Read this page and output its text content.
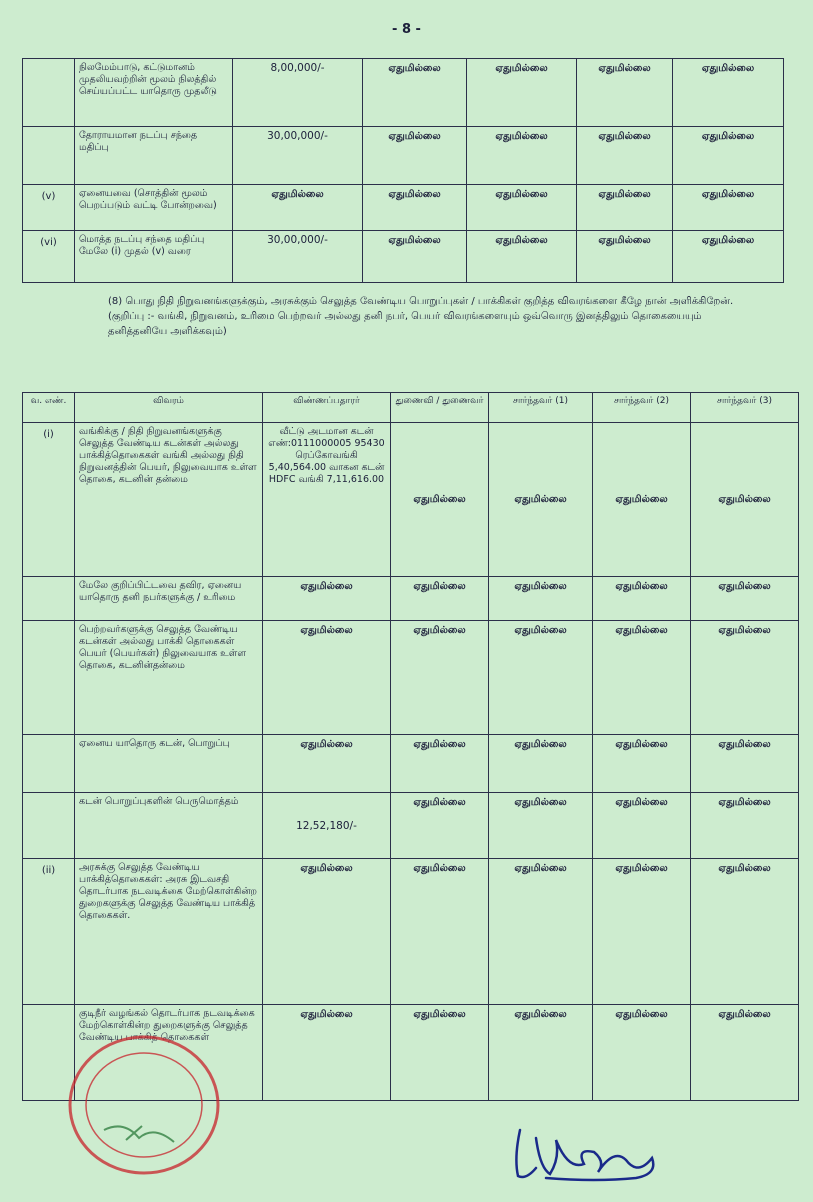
- 8 -
	நிலமேம்பாடு, கட்டுமானம் முதலியவற்றின் மூலம் நிலத்தில் செய்யப்பட்ட யாதொரு முதலீடு	8,00,000/-	ஏதுமில்லை	ஏதுமில்லை	ஏதுமில்லை	ஏதுமில்லை
	தோராயமான நடப்பு சந்தை மதிப்பு	30,00,000/-	ஏதுமில்லை	ஏதுமில்லை	ஏதுமில்லை	ஏதுமில்லை
(v)	ஏனையவை (சொத்தின் மூலம் பெறப்படும் வட்டி போன்றவை)	ஏதுமில்லை	ஏதுமில்லை	ஏதுமில்லை	ஏதுமில்லை	ஏதுமில்லை
(vi)	மொத்த நடப்பு சந்தை மதிப்பு மேலே (i) முதல் (v) வரை	30,00,000/-	ஏதுமில்லை	ஏதுமில்லை	ஏதுமில்லை	ஏதுமில்லை

(8) பொது நிதி நிறுவனங்களுக்கும், அரசுக்கும் செலுத்த வேண்டிய பொறுப்புகள் / பாக்கிகள் குறித்த விவரங்களை கீழே நான் அளிக்கிறேன்.

(குறிப்பு :- வங்கி, நிறுவனம், உரிமை பெற்றவர் அல்லது தனி நபர், பெயர் விவரங்களையும் ஒவ்வொரு இனத்திலும் தொகையையும் தனித்தனியே அளிக்கவும்)

வ. எண்.	விவரம்	விண்ணப்பதாரர்	துணைவி / துணைவர்	சார்ந்தவர் (1)	சார்ந்தவர் (2)	சார்ந்தவர் (3)
(i)	வங்கிக்கு / நிதி நிறுவனங்களுக்கு செலுத்த வேண்டிய கடன்கள் அல்லது பாக்கித்தொகைகள் வங்கி அல்லது நிதி நிறுவனத்தின் பெயர், நிலுவையாக உள்ள தொகை, கடனின் தன்மை	வீட்டு அடமான கடன் எண்:0111000005 95430 ரெப்கோவங்கி 5,40,564.00 வாகன கடன் HDFC வங்கி 7,11,616.00	ஏதுமில்லை	ஏதுமில்லை	ஏதுமில்லை	ஏதுமில்லை
	மேலே குறிப்பிட்டவை தவிர, ஏனைய யாதொரு தனி நபர்களுக்கு / உரிமை	ஏதுமில்லை	ஏதுமில்லை	ஏதுமில்லை	ஏதுமில்லை	ஏதுமில்லை
	பெற்றவர்களுக்கு செலுத்த வேண்டிய கடன்கள் அல்லது பாக்கி தொகைகள் பெயர் (பெயர்கள்) நிலுவையாக உள்ள தொகை, கடனின்தன்மை	ஏதுமில்லை	ஏதுமில்லை	ஏதுமில்லை	ஏதுமில்லை	ஏதுமில்லை
	ஏனைய யாதொரு கடன், பொறுப்பு	ஏதுமில்லை	ஏதுமில்லை	ஏதுமில்லை	ஏதுமில்லை	ஏதுமில்லை
	கடன் பொறுப்புகளின் பெருமொத்தம்	12,52,180/-	ஏதுமில்லை	ஏதுமில்லை	ஏதுமில்லை	ஏதுமில்லை
(ii)	அரசுக்கு செலுத்த வேண்டிய பாக்கித்தொகைகள்: அரசு இடவசதி தொடர்பாக நடவடிக்கை மேற்கொள்கின்ற துறைகளுக்கு செலுத்த வேண்டிய பாக்கித் தொகைகள்.	ஏதுமில்லை	ஏதுமில்லை	ஏதுமில்லை	ஏதுமில்லை	ஏதுமில்லை
	குடிநீர் வழங்கல் தொடர்பாக நடவடிக்கை மேற்கொள்கின்ற துறைகளுக்கு செலுத்த வேண்டிய பாக்கித் தொகைகள்	ஏதுமில்லை	ஏதுமில்லை	ஏதுமில்லை	ஏதுமில்லை	ஏதுமில்லை
